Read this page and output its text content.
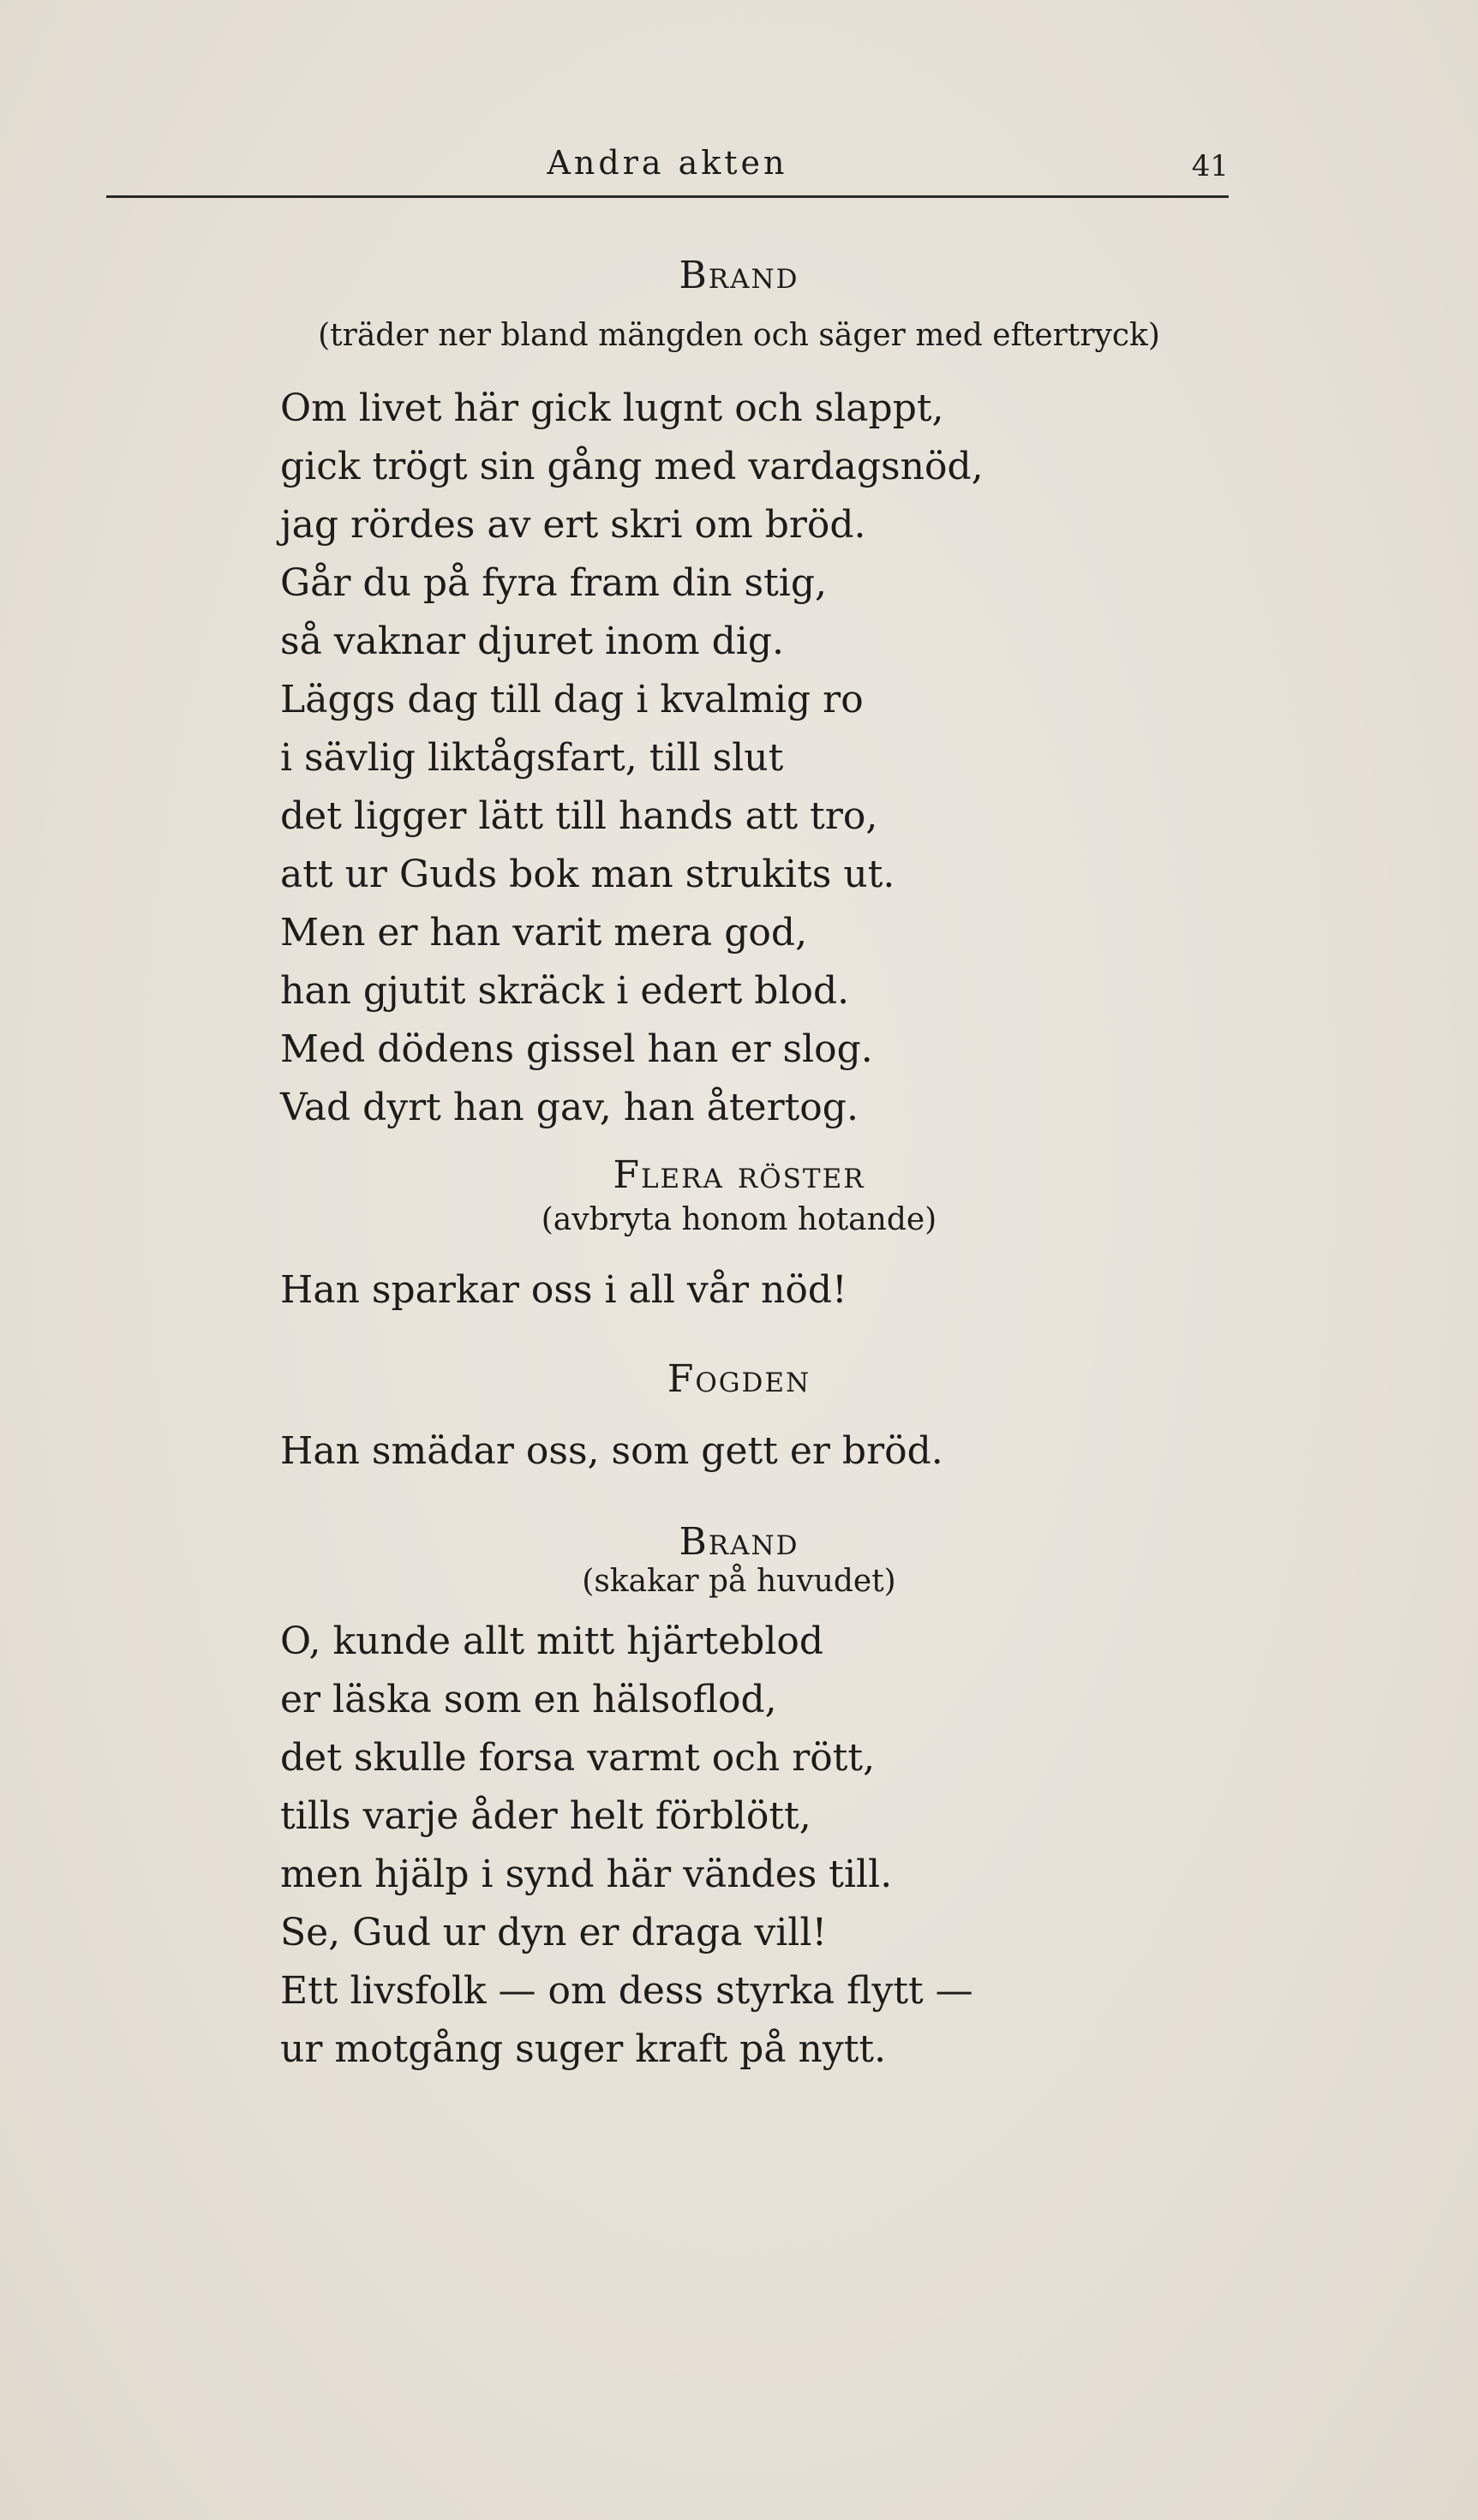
Andra akten	41
Brand
(träder ner bland mängden och säger med eftertryck)
Om livet här gick lugnt och slappt,
gick trögt sin gång med vardagsnöd,
jag rördes av ert skri om bröd.
Går du på fyra fram din stig,
så vaknar djuret inom dig.
Läggs dag till dag i kvalmig ro
i sävlig liktågsfart, till slut
det ligger lätt till hands att tro,
att ur Guds bok man strukits ut.
Men er han varit mera god,
han gjutit skräck i edert blod.
Med dödens gissel han er slog.
Vad dyrt han gav, han återtog.
Flera röster
(avbryta honom hotande)
Han sparkar oss i all vår nöd!
Fogden
Han smädar oss, som gett er bröd.
Brand
(skakar på huvudet)
O, kunde allt mitt hjärteblod
er läska som en hälsoflod,
det skulle forsa varmt och rött,
tills varje åder helt förblött,
men hjälp i synd här vändes till.
Se, Gud ur dyn er draga vill!
Ett livsfolk — om dess styrka flytt —
ur motgång suger kraft på nytt.
